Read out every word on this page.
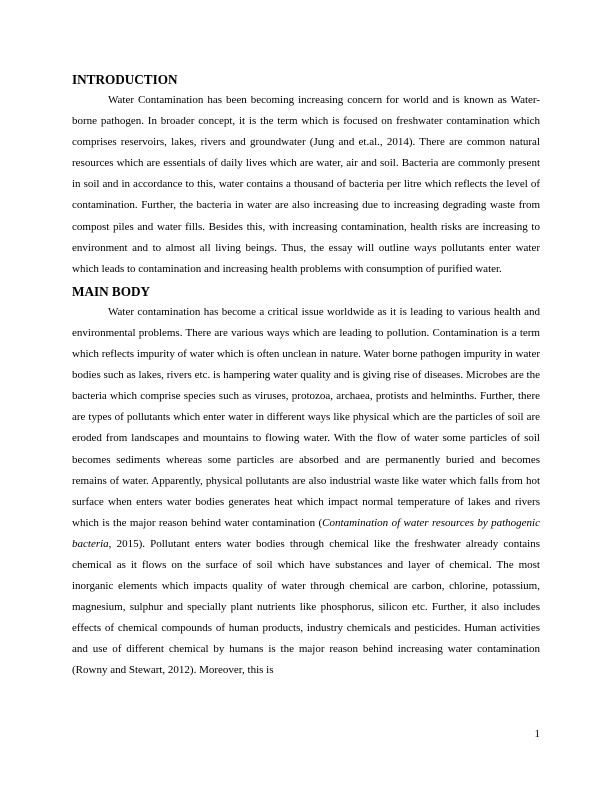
INTRODUCTION

Water Contamination has been becoming increasing concern for world and is known as Water-borne pathogen. In broader concept, it is the term which is focused on freshwater contamination which comprises reservoirs, lakes, rivers and groundwater (Jung and et.al., 2014). There are common natural resources which are essentials of daily lives which are water, air and soil. Bacteria are commonly present in soil and in accordance to this, water contains a thousand of bacteria per litre which reflects the level of contamination. Further, the bacteria in water are also increasing due to increasing degrading waste from compost piles and water fills. Besides this, with increasing contamination, health risks are increasing to environment and to almost all living beings. Thus, the essay will outline ways pollutants enter water which leads to contamination and increasing health problems with consumption of purified water.

MAIN BODY

Water contamination has become a critical issue worldwide as it is leading to various health and environmental problems. There are various ways which are leading to pollution. Contamination is a term which reflects impurity of water which is often unclean in nature. Water borne pathogen impurity in water bodies such as lakes, rivers etc. is hampering water quality and is giving rise of diseases. Microbes are the bacteria which comprise species such as viruses, protozoa, archaea, protists and helminths. Further, there are types of pollutants which enter water in different ways like physical which are the particles of soil are eroded from landscapes and mountains to flowing water. With the flow of water some particles of soil becomes sediments whereas some particles are absorbed and are permanently buried and becomes remains of water. Apparently, physical pollutants are also industrial waste like water which falls from hot surface when enters water bodies generates heat which impact normal temperature of lakes and rivers which is the major reason behind water contamination (Contamination of water resources by pathogenic bacteria, 2015). Pollutant enters water bodies through chemical like the freshwater already contains chemical as it flows on the surface of soil which have substances and layer of chemical. The most inorganic elements which impacts quality of water through chemical are carbon, chlorine, potassium, magnesium, sulphur and specially plant nutrients like phosphorus, silicon etc. Further, it also includes effects of chemical compounds of human products, industry chemicals and pesticides. Human activities and use of different chemical by humans is the major reason behind increasing water contamination (Rowny and Stewart, 2012). Moreover, this is

1
